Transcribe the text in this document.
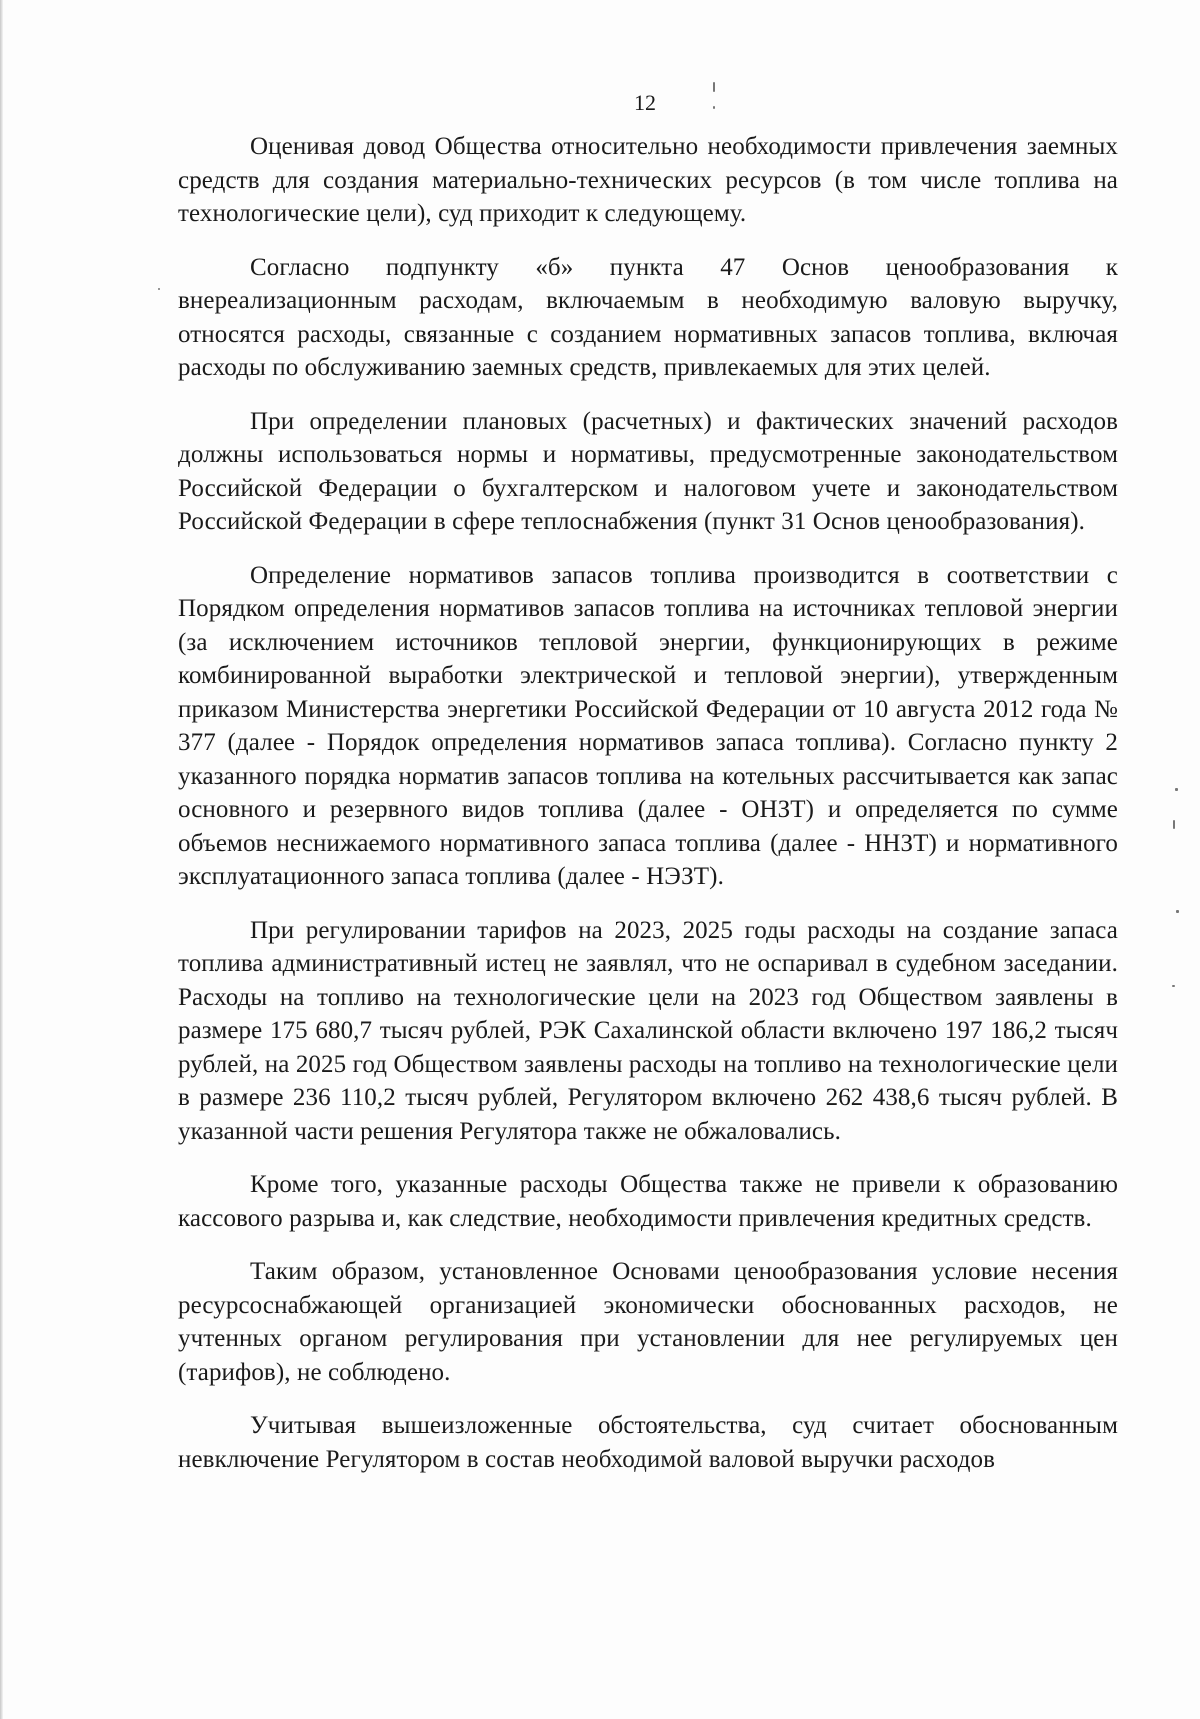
12

Оценивая довод Общества относительно необходимости привлечения заемных средств для создания материально-технических ресурсов (в том числе топлива на технологические цели), суд приходит к следующему.

Согласно подпункту «б» пункта 47 Основ ценообразования к внереализационным расходам, включаемым в необходимую валовую выручку, относятся расходы, связанные с созданием нормативных запасов топлива, включая расходы по обслуживанию заемных средств, привлекаемых для этих целей.

При определении плановых (расчетных) и фактических значений расходов должны использоваться нормы и нормативы, предусмотренные законодательством Российской Федерации о бухгалтерском и налоговом учете и законодательством Российской Федерации в сфере теплоснабжения (пункт 31 Основ ценообразования).

Определение нормативов запасов топлива производится в соответствии с Порядком определения нормативов запасов топлива на источниках тепловой энергии (за исключением источников тепловой энергии, функционирующих в режиме комбинированной выработки электрической и тепловой энергии), утвержденным приказом Министерства энергетики Российской Федерации от 10 августа 2012 года № 377 (далее - Порядок определения нормативов запаса топлива). Согласно пункту 2 указанного порядка норматив запасов топлива на котельных рассчитывается как запас основного и резервного видов топлива (далее - ОНЗТ) и определяется по сумме объемов неснижаемого нормативного запаса топлива (далее - ННЗТ) и нормативного эксплуатационного запаса топлива (далее - НЭЗТ).

При регулировании тарифов на 2023, 2025 годы расходы на создание запаса топлива административный истец не заявлял, что не оспаривал в судебном заседании. Расходы на топливо на технологические цели на 2023 год Обществом заявлены в размере 175 680,7 тысяч рублей, РЭК Сахалинской области включено 197 186,2 тысяч рублей, на 2025 год Обществом заявлены расходы на топливо на технологические цели в размере 236 110,2 тысяч рублей, Регулятором включено 262 438,6 тысяч рублей. В указанной части решения Регулятора также не обжаловались.

Кроме того, указанные расходы Общества также не привели к образованию кассового разрыва и, как следствие, необходимости привлечения кредитных средств.

Таким образом, установленное Основами ценообразования условие несения ресурсоснабжающей организацией экономически обоснованных расходов, не учтенных органом регулирования при установлении для нее регулируемых цен (тарифов), не соблюдено.

Учитывая вышеизложенные обстоятельства, суд считает обоснованным невключение Регулятором в состав необходимой валовой выручки расходов
